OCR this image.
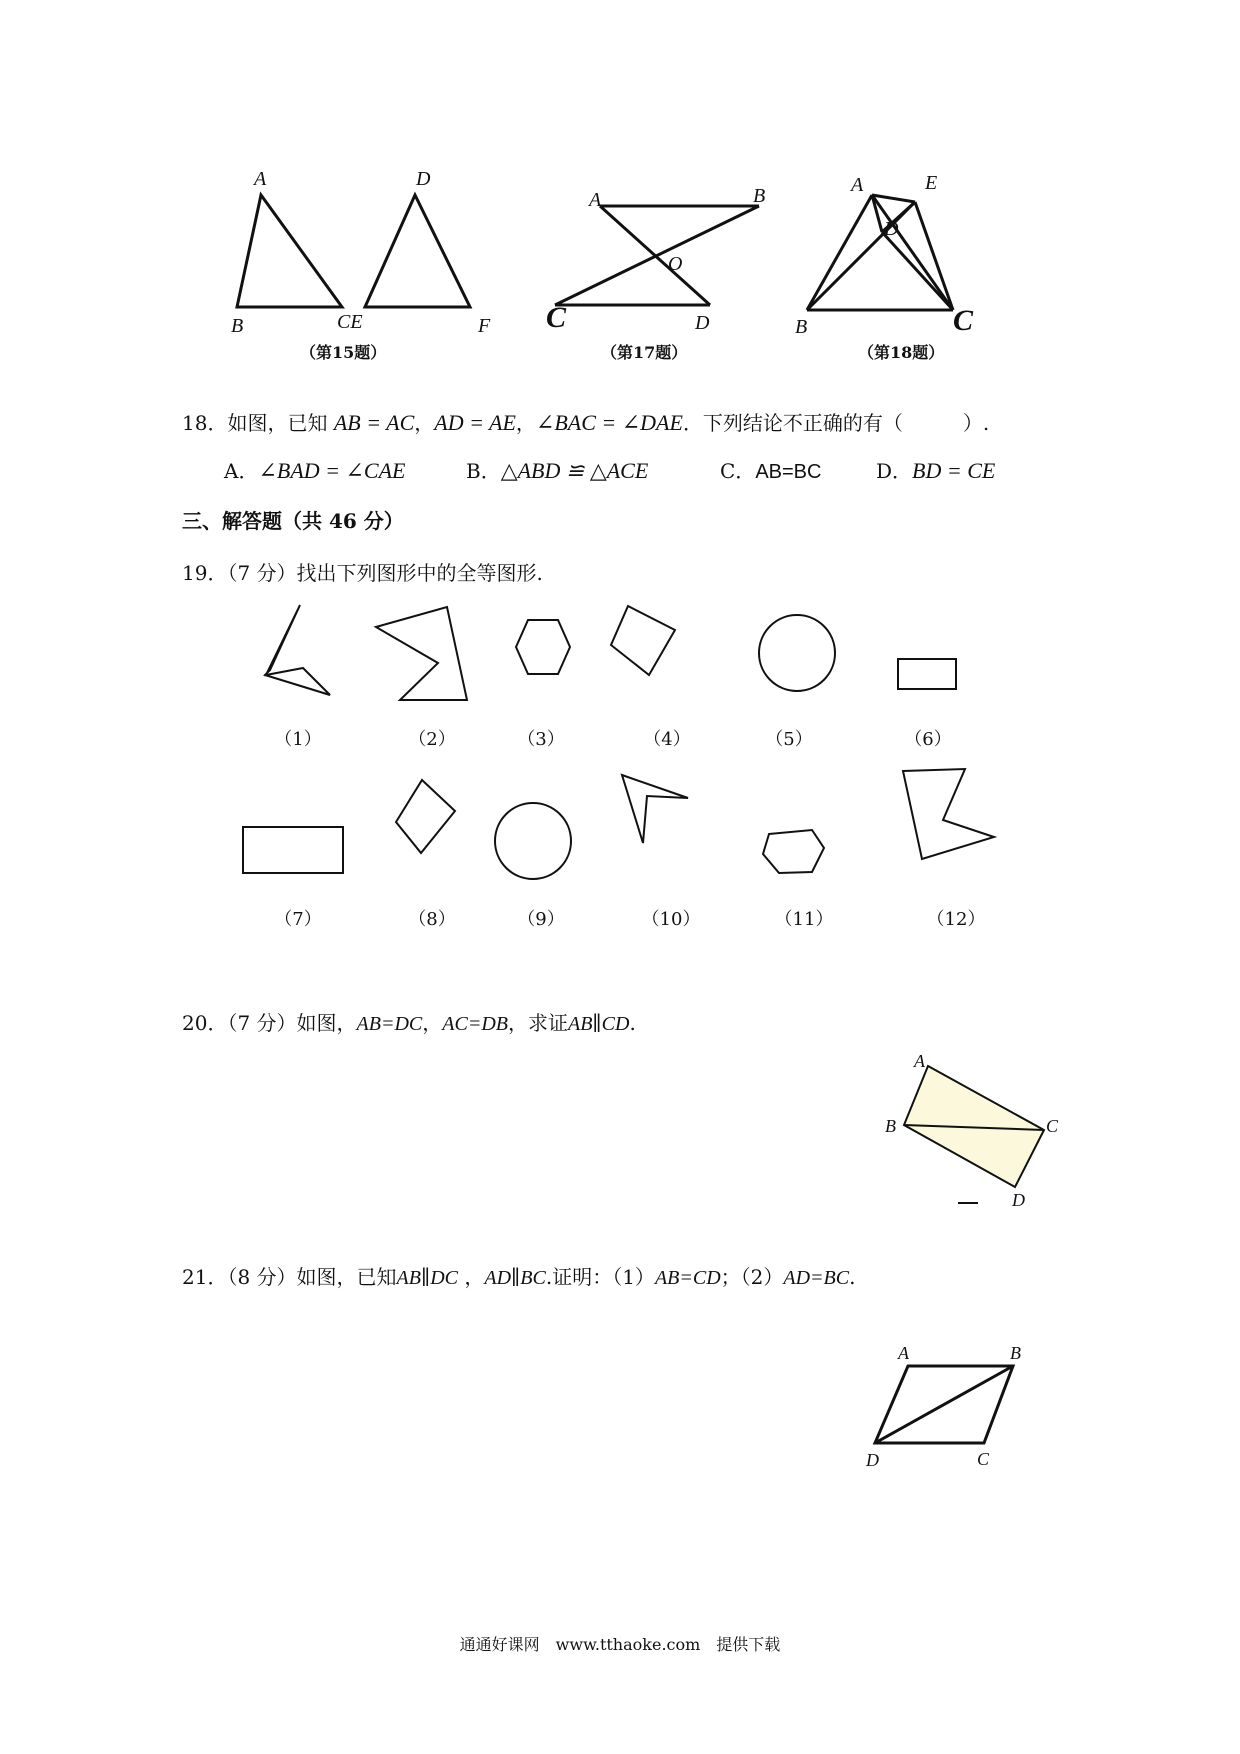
A
B	CE
D
F
（第15题）
A	B
O
C	D
（第17题）
A	E
D
B	C
（第18题）
18．如图，已知 AB = AC，AD = AE，∠BAC = ∠DAE．下列结论不正确的有（　　　）.
A．∠BAD = ∠CAE	B．△ABD ≌ △ACE	C．AB=BC	D．BD = CE
三、解答题（共 46 分）
19．（7 分）找出下列图形中的全等图形.
（1）	（2）	（3）	（4）	（5）	（6）
（7）	（8）	（9）	（10）	（11）	（12）
20．（7 分）如图，AB=DC，AC=DB，求证AB∥CD.
A
B	C
D
21．（8 分）如图，已知AB∥DC ，AD∥BC.证明：（1）AB=CD；（2）AD=BC.
A	B
D	C
通通好课网　www.tthaoke.com　提供下载
